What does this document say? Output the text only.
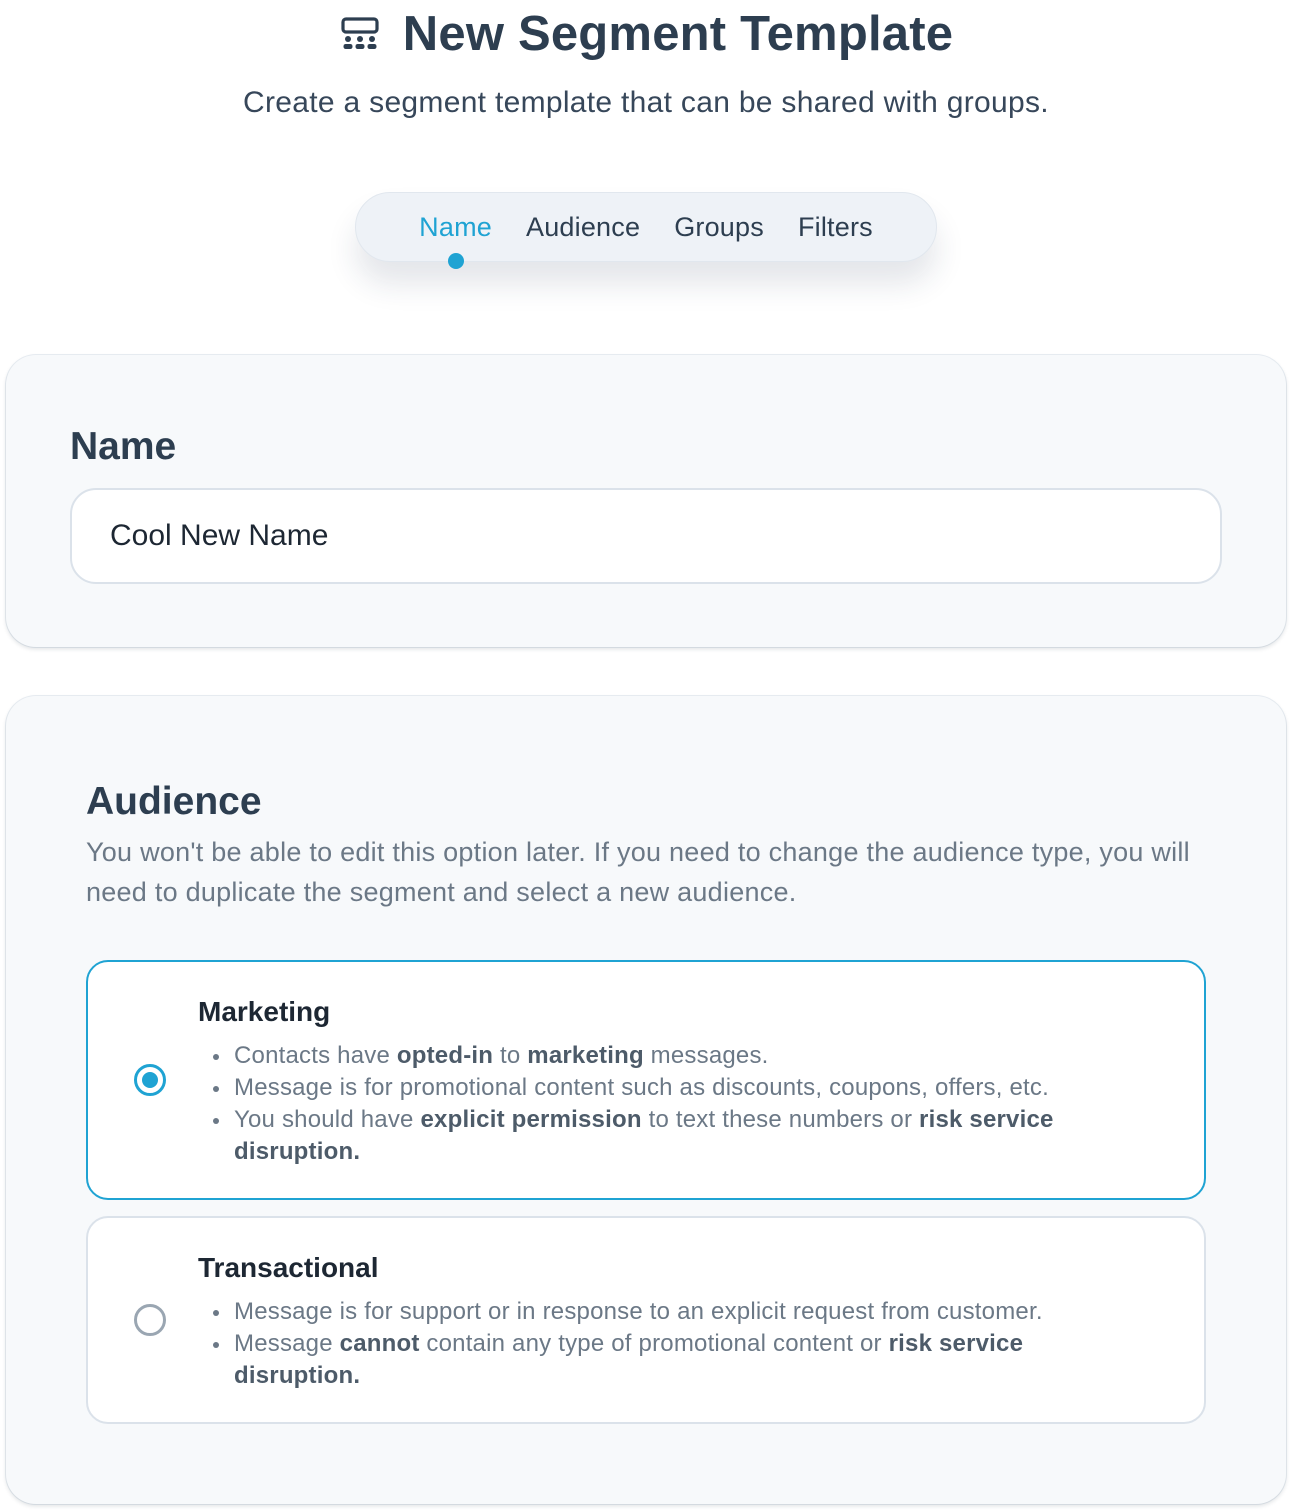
New Segment Template
Create a segment template that can be shared with groups.
Name Audience Groups Filters
Name
Cool New Name
Audience
You won't be able to edit this option later. If you need to change the audience type, you will need to duplicate the segment and select a new audience.
Marketing
Contacts have opted-in to marketing messages.
Message is for promotional content such as discounts, coupons, offers, etc.
You should have explicit permission to text these numbers or risk service disruption.
Transactional
Message is for support or in response to an explicit request from customer.
Message cannot contain any type of promotional content or risk service disruption.
